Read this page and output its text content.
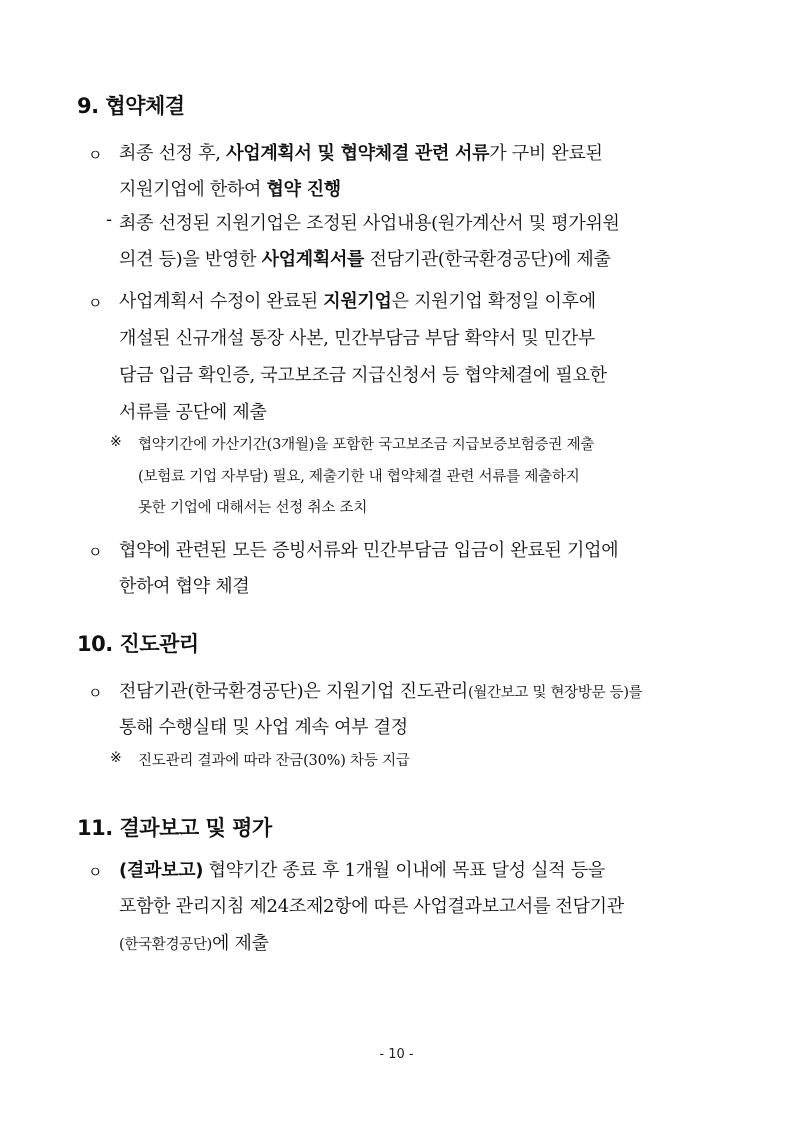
9. 협약체결
ㅇ 최종 선정 후, 사업계획서 및 협약체결 관련 서류가 구비 완료된
지원기업에 한하여 협약 진행
- 최종 선정된 지원기업은 조정된 사업내용(원가계산서 및 평가위원
의견 등)을 반영한 사업계획서를 전담기관(한국환경공단)에 제출
ㅇ 사업계획서 수정이 완료된 지원기업은 지원기업 확정일 이후에
개설된 신규개설 통장 사본, 민간부담금 부담 확약서 및 민간부
담금 입금 확인증, 국고보조금 지급신청서 등 협약체결에 필요한
서류를 공단에 제출
※ 협약기간에 가산기간(3개월)을 포함한 국고보조금 지급보증보험증권 제출
(보험료 기업 자부담) 필요, 제출기한 내 협약체결 관련 서류를 제출하지
못한 기업에 대해서는 선정 취소 조치
ㅇ 협약에 관련된 모든 증빙서류와 민간부담금 입금이 완료된 기업에
한하여 협약 체결
10. 진도관리
ㅇ 전담기관(한국환경공단)은 지원기업 진도관리(월간보고 및 현장방문 등)를
통해 수행실태 및 사업 계속 여부 결정
※ 진도관리 결과에 따라 잔금(30%) 차등 지급
11. 결과보고 및 평가
ㅇ (결과보고) 협약기간 종료 후 1개월 이내에 목표 달성 실적 등을
포함한 관리지침 제24조제2항에 따른 사업결과보고서를 전담기관
(한국환경공단)에 제출
- 10 -
